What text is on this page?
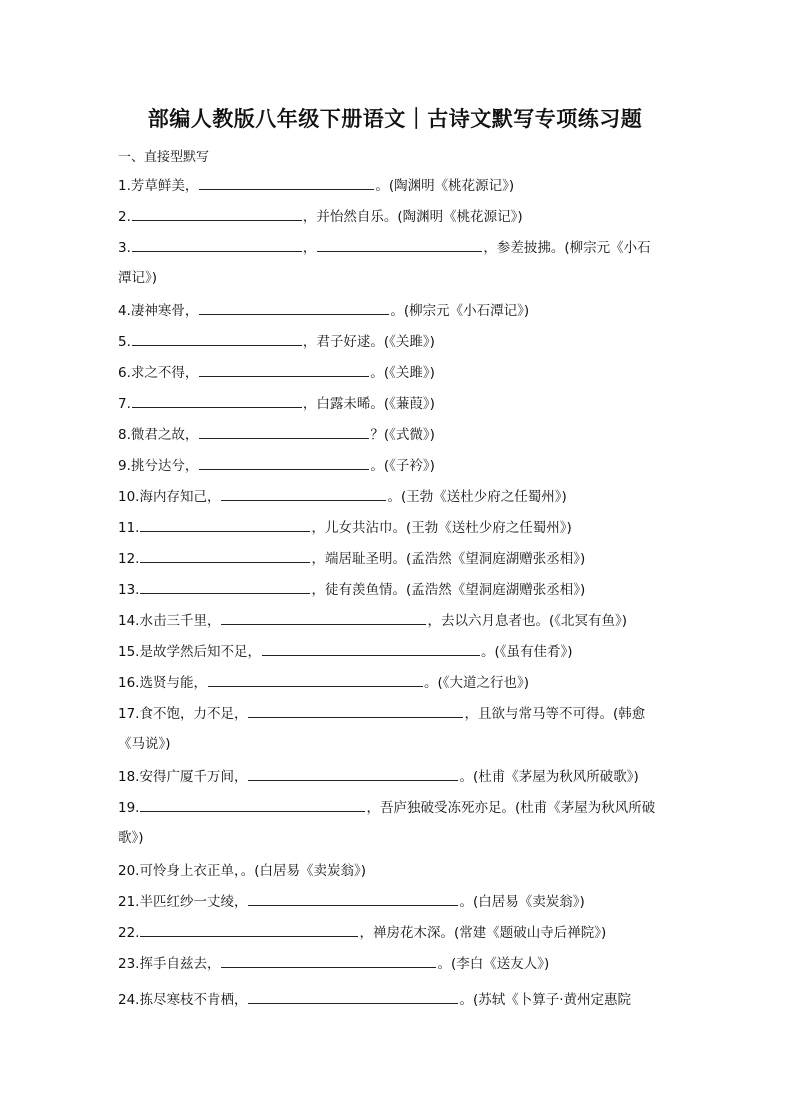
部编人教版八年级下册语文｜古诗文默写专项练习题
一、直接型默写
1.芳草鲜美，	。(陶渊明《桃花源记》)
2.	，并怡然自乐。(陶渊明《桃花源记》)
3.	，	，参差披拂。(柳宗元《小石
潭记》)
4.凄神寒骨，	。(柳宗元《小石潭记》)
5.	，君子好逑。(《关雎》)
6.求之不得，	。(《关雎》)
7.	，白露未晞。(《蒹葭》)
8.微君之故，	？(《式微》)
9.挑兮达兮，	。(《子衿》)
10.海内存知己，	。(王勃《送杜少府之任蜀州》)
11.	，儿女共沾巾。(王勃《送杜少府之任蜀州》)
12.	，端居耻圣明。(孟浩然《望洞庭湖赠张丞相》)
13.	，徒有羡鱼情。(孟浩然《望洞庭湖赠张丞相》)
14.水击三千里，	，去以六月息者也。(《北冥有鱼》)
15.是故学然后知不足，	。(《虽有佳肴》)
16.选贤与能，	。(《大道之行也》)
17.食不饱，力不足，	，且欲与常马等不可得。(韩愈
《马说》)
18.安得广厦千万间，	。(杜甫《茅屋为秋风所破歌》)
19.	，吾庐独破受冻死亦足。(杜甫《茅屋为秋风所破
歌》)
20.可怜身上衣正单，。(白居易《卖炭翁》)
21.半匹红纱一丈绫，	。(白居易《卖炭翁》)
22.	，禅房花木深。(常建《题破山寺后禅院》)
23.挥手自兹去，	。(李白《送友人》)
24.拣尽寒枝不肯栖，	。(苏轼《卜算子·黄州定惠院
